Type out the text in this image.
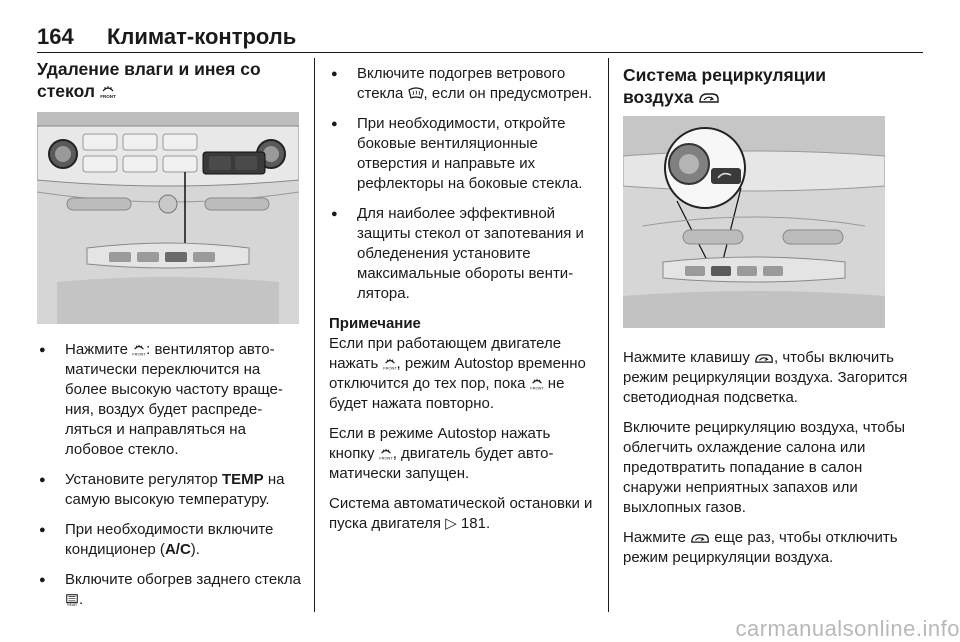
164 Климат-контроль
Удаление влаги и инея со
стекол FRONT
● Нажмите FRONT : вентилятор автоматически переключится на более высокую частоту вращения, воздух будет распределяться и направляться на лобовое стекло.
● Установите регулятор TEMP на самую высокую температуру.
● При необходимости включите кондиционер (A/C).
● Включите обогрев заднего стекла
REAR .
● Включите подогрев ветрового стекла , если он предусмотрен.
● При необходимости, откройте боковые вентиляционные отверстия и направьте их рефлекторы на боковые стекла.
● Для наиболее эффективной защиты стекол от запотевания и обледенения установите максимальные обороты вентилятора.
Примечание

Если при работающем двигателе нажать FRONT , режим Autostop временно отключится до тех пор, пока FRONT не будет нажата повторно.

Если в режиме Autostop нажать кнопку FRONT , двигатель будет автоматически запущен.

Система автоматической остановки и пуска двигателя ▷ 181.

Система рециркуляции
воздуха

Нажмите клавишу , чтобы включить режим рециркуляции воздуха. Загорится светодиодная подсветка.

Включите рециркуляцию воздуха, чтобы облегчить охлаждение салона или предотвратить попадание в салон снаружи неприятных запахов или выхлопных газов.

Нажмите  еще раз, чтобы отключить режим рециркуляции воздуха.

carmanualsonline.info
